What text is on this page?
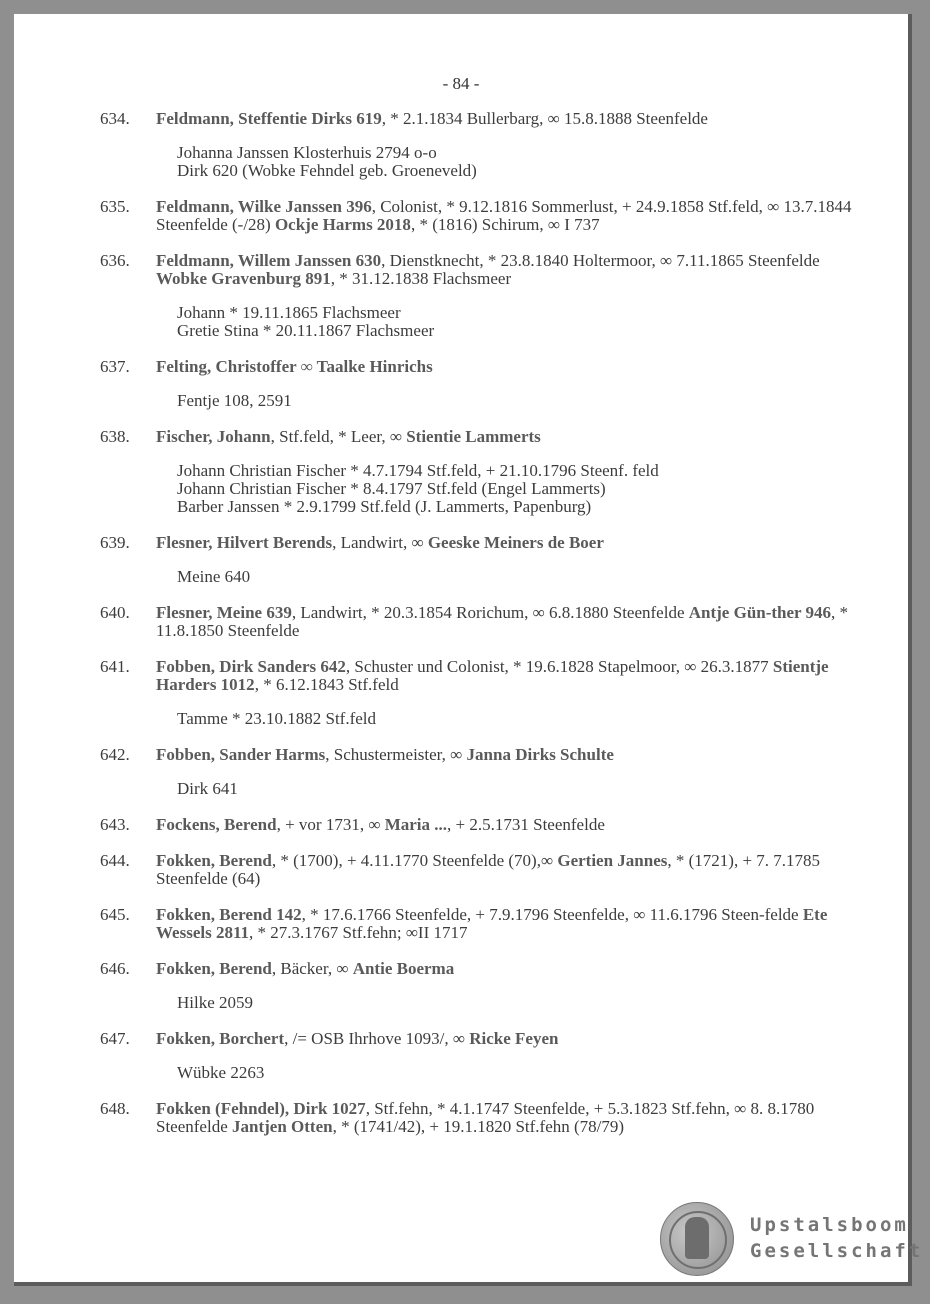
- 84 -
634. Feldmann, Steffentie Dirks 619, * 2.1.1834 Bullerbarg, ∞ 15.8.1888 Steenfelde
Johanna Janssen Klosterhuis 2794 o-o
Dirk 620 (Wobke Fehndel geb. Groeneveld)
635. Feldmann, Wilke Janssen 396, Colonist, * 9.12.1816 Sommerlust, + 24.9.1858 Stf.feld, ∞ 13.7.1844 Steenfelde (-/28) Ockje Harms 2018, * (1816) Schirum, ∞ I 737
636. Feldmann, Willem Janssen 630, Dienstknecht, * 23.8.1840 Holtermoor, ∞ 7.11.1865 Steenfelde Wobke Gravenburg 891, * 31.12.1838 Flachsmeer
Johann * 19.11.1865 Flachsmeer
Gretie Stina * 20.11.1867 Flachsmeer
637. Felting, Christoffer ∞ Taalke Hinrichs
Fentje 108, 2591
638. Fischer, Johann, Stf.feld, * Leer, ∞ Stientie Lammerts
Johann Christian Fischer * 4.7.1794 Stf.feld, + 21.10.1796 Steenf. feld
Johann Christian Fischer * 8.4.1797 Stf.feld (Engel Lammerts)
Barber Janssen * 2.9.1799 Stf.feld (J. Lammerts, Papenburg)
639. Flesner, Hilvert Berends, Landwirt, ∞ Geeske Meiners de Boer
Meine 640
640. Flesner, Meine 639, Landwirt, * 20.3.1854 Rorichum, ∞ 6.8.1880 Steenfelde Antje Gün-ther 946, * 11.8.1850 Steenfelde
641. Fobben, Dirk Sanders 642, Schuster und Colonist, * 19.6.1828 Stapelmoor, ∞ 26.3.1877 Stientje Harders 1012, * 6.12.1843 Stf.feld
Tamme * 23.10.1882 Stf.feld
642. Fobben, Sander Harms, Schustermeister, ∞ Janna Dirks Schulte
Dirk 641
643. Fockens, Berend, + vor 1731, ∞ Maria ..., + 2.5.1731 Steenfelde
644. Fokken, Berend, * (1700), + 4.11.1770 Steenfelde (70),∞ Gertien Jannes, * (1721), + 7. 7.1785 Steenfelde (64)
645. Fokken, Berend 142, * 17.6.1766 Steenfelde, + 7.9.1796 Steenfelde, ∞ 11.6.1796 Steen-felde Ete Wessels 2811, * 27.3.1767 Stf.fehn; ∞II 1717
646. Fokken, Berend, Bäcker, ∞ Antie Boerma
Hilke 2059
647. Fokken, Borchert, /= OSB Ihrhove 1093/, ∞ Ricke Feyen
Wübke 2263
648. Fokken (Fehndel), Dirk 1027, Stf.fehn, * 4.1.1747 Steenfelde, + 5.3.1823 Stf.fehn, ∞ 8. 8.1780 Steenfelde Jantjen Otten, * (1741/42), + 19.1.1820 Stf.fehn (78/79)
Upstalsboom
Gesellschaft
